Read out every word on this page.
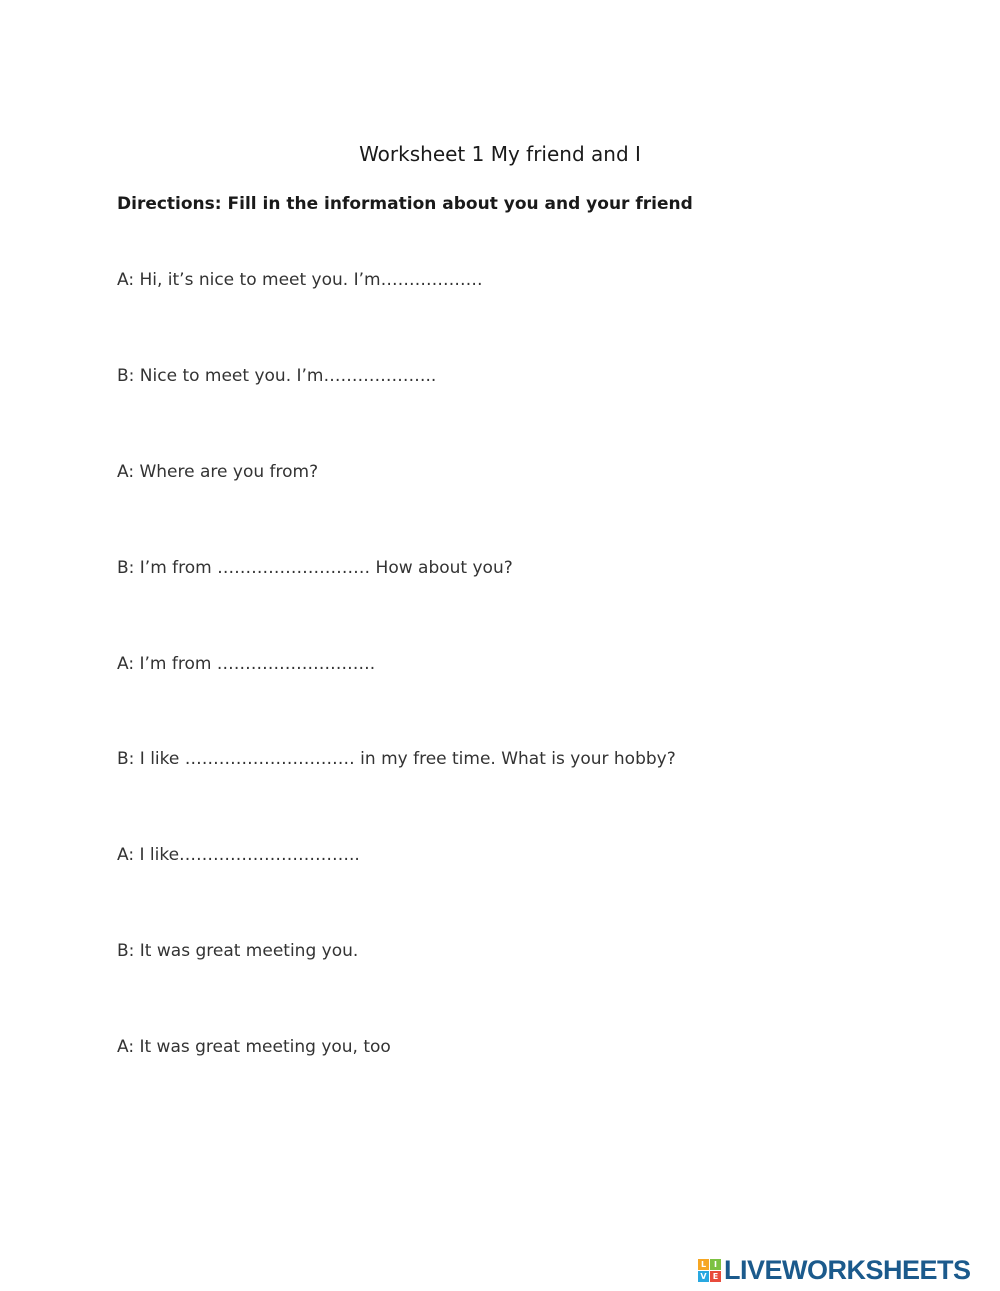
Worksheet 1 My friend and I
Directions: Fill in the information about you and your friend
A: Hi, it’s nice to meet you. I’m………………
B: Nice to meet you. I’m………………..
A: Where are you from?
B: I’m from ……………………… How about you?
A: I’m from ……………………….
B: I like ………………………… in my free time. What is your hobby?
A: I like…………………………..
B: It was great meeting you.
A: It was great meeting you, too
L I
V E LIVEWORKSHEETS
